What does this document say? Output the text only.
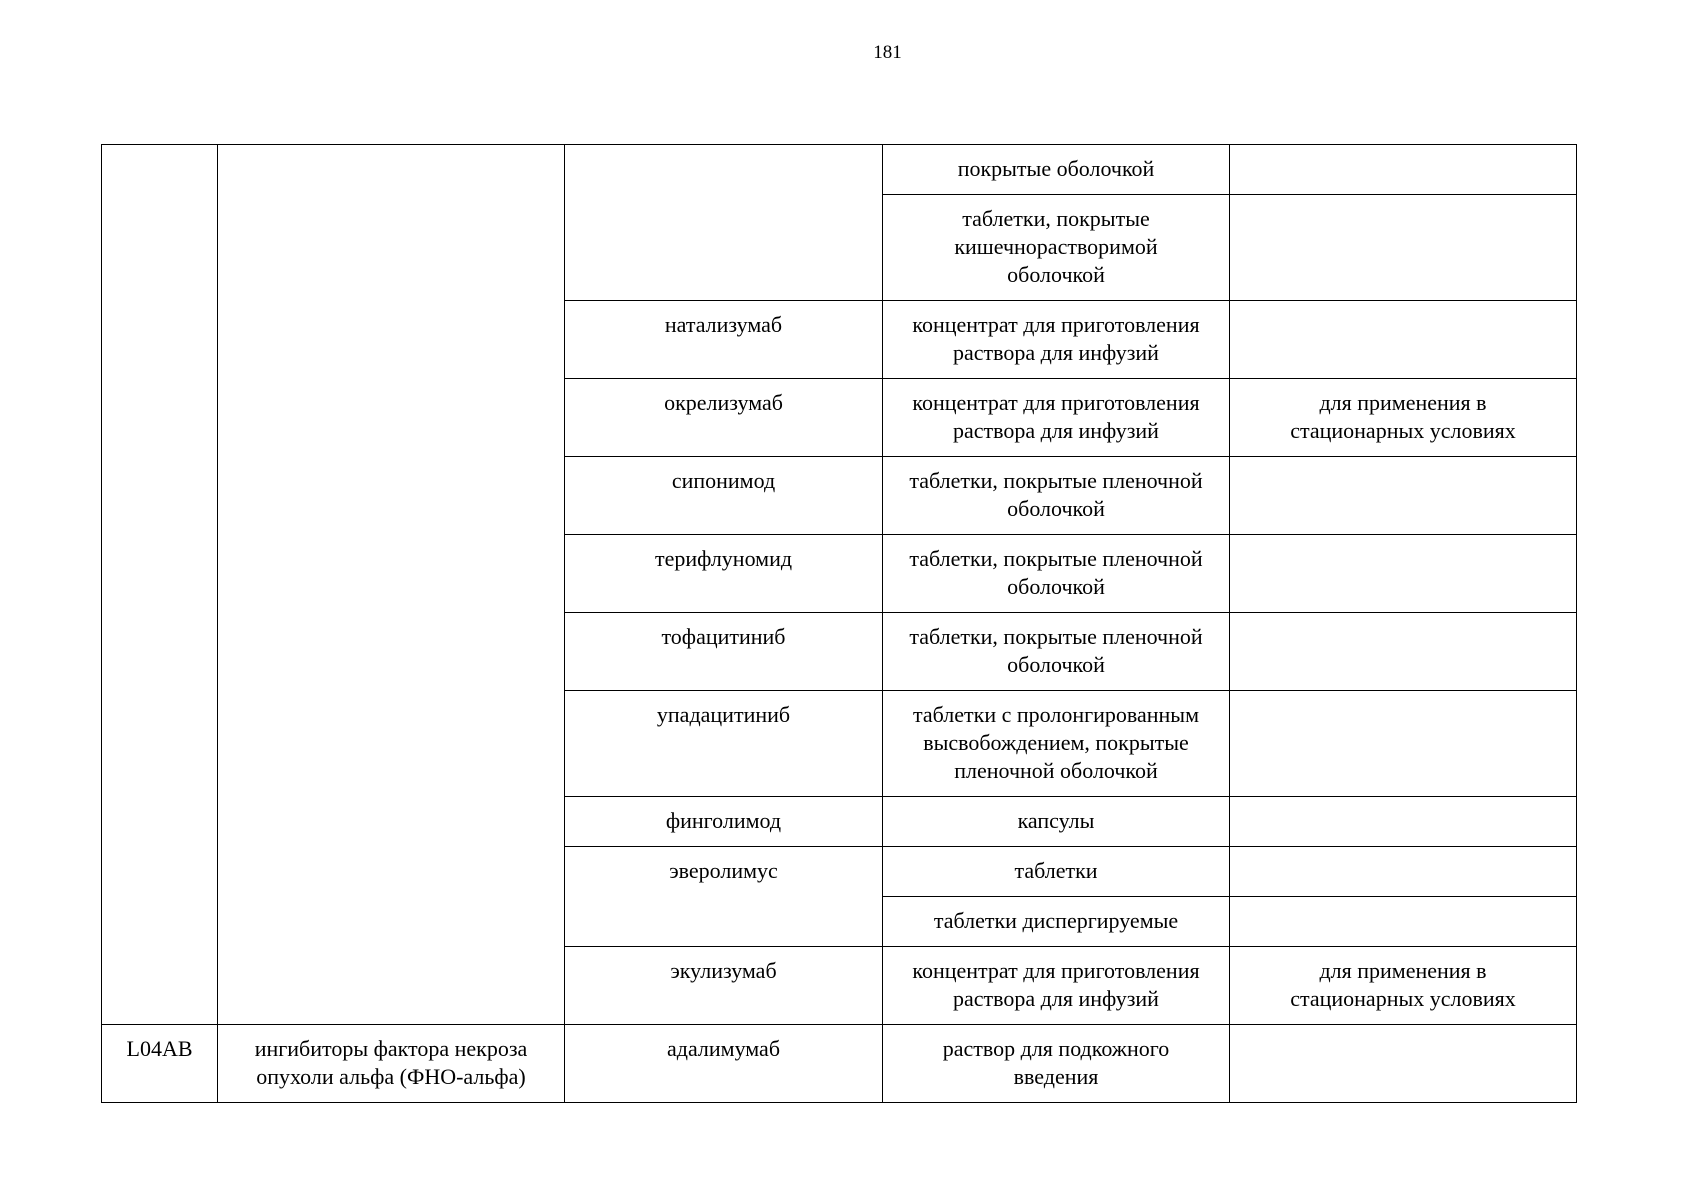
181

			покрытые оболочкой	

			таблетки, покрытые
кишечнорастворимой
оболочкой	

		натализумаб	концентрат для приготовления
раствора для инфузий	

		окрелизумаб	концентрат для приготовления
раствора для инфузий	для применения в
стационарных условиях

		сипонимод	таблетки, покрытые пленочной
оболочкой	

		терифлуномид	таблетки, покрытые пленочной
оболочкой	

		тофацитиниб	таблетки, покрытые пленочной
оболочкой	

		упадацитиниб	таблетки с пролонгированным
высвобождением, покрытые
пленочной оболочкой	

		финголимод	капсулы	

		эверолимус	таблетки	

			таблетки диспергируемые	

		экулизумаб	концентрат для приготовления
раствора для инфузий	для применения в
стационарных условиях

L04AB	ингибиторы фактора некроза
опухоли альфа (ФНО-альфа)	адалимумаб	раствор для подкожного
введения	
